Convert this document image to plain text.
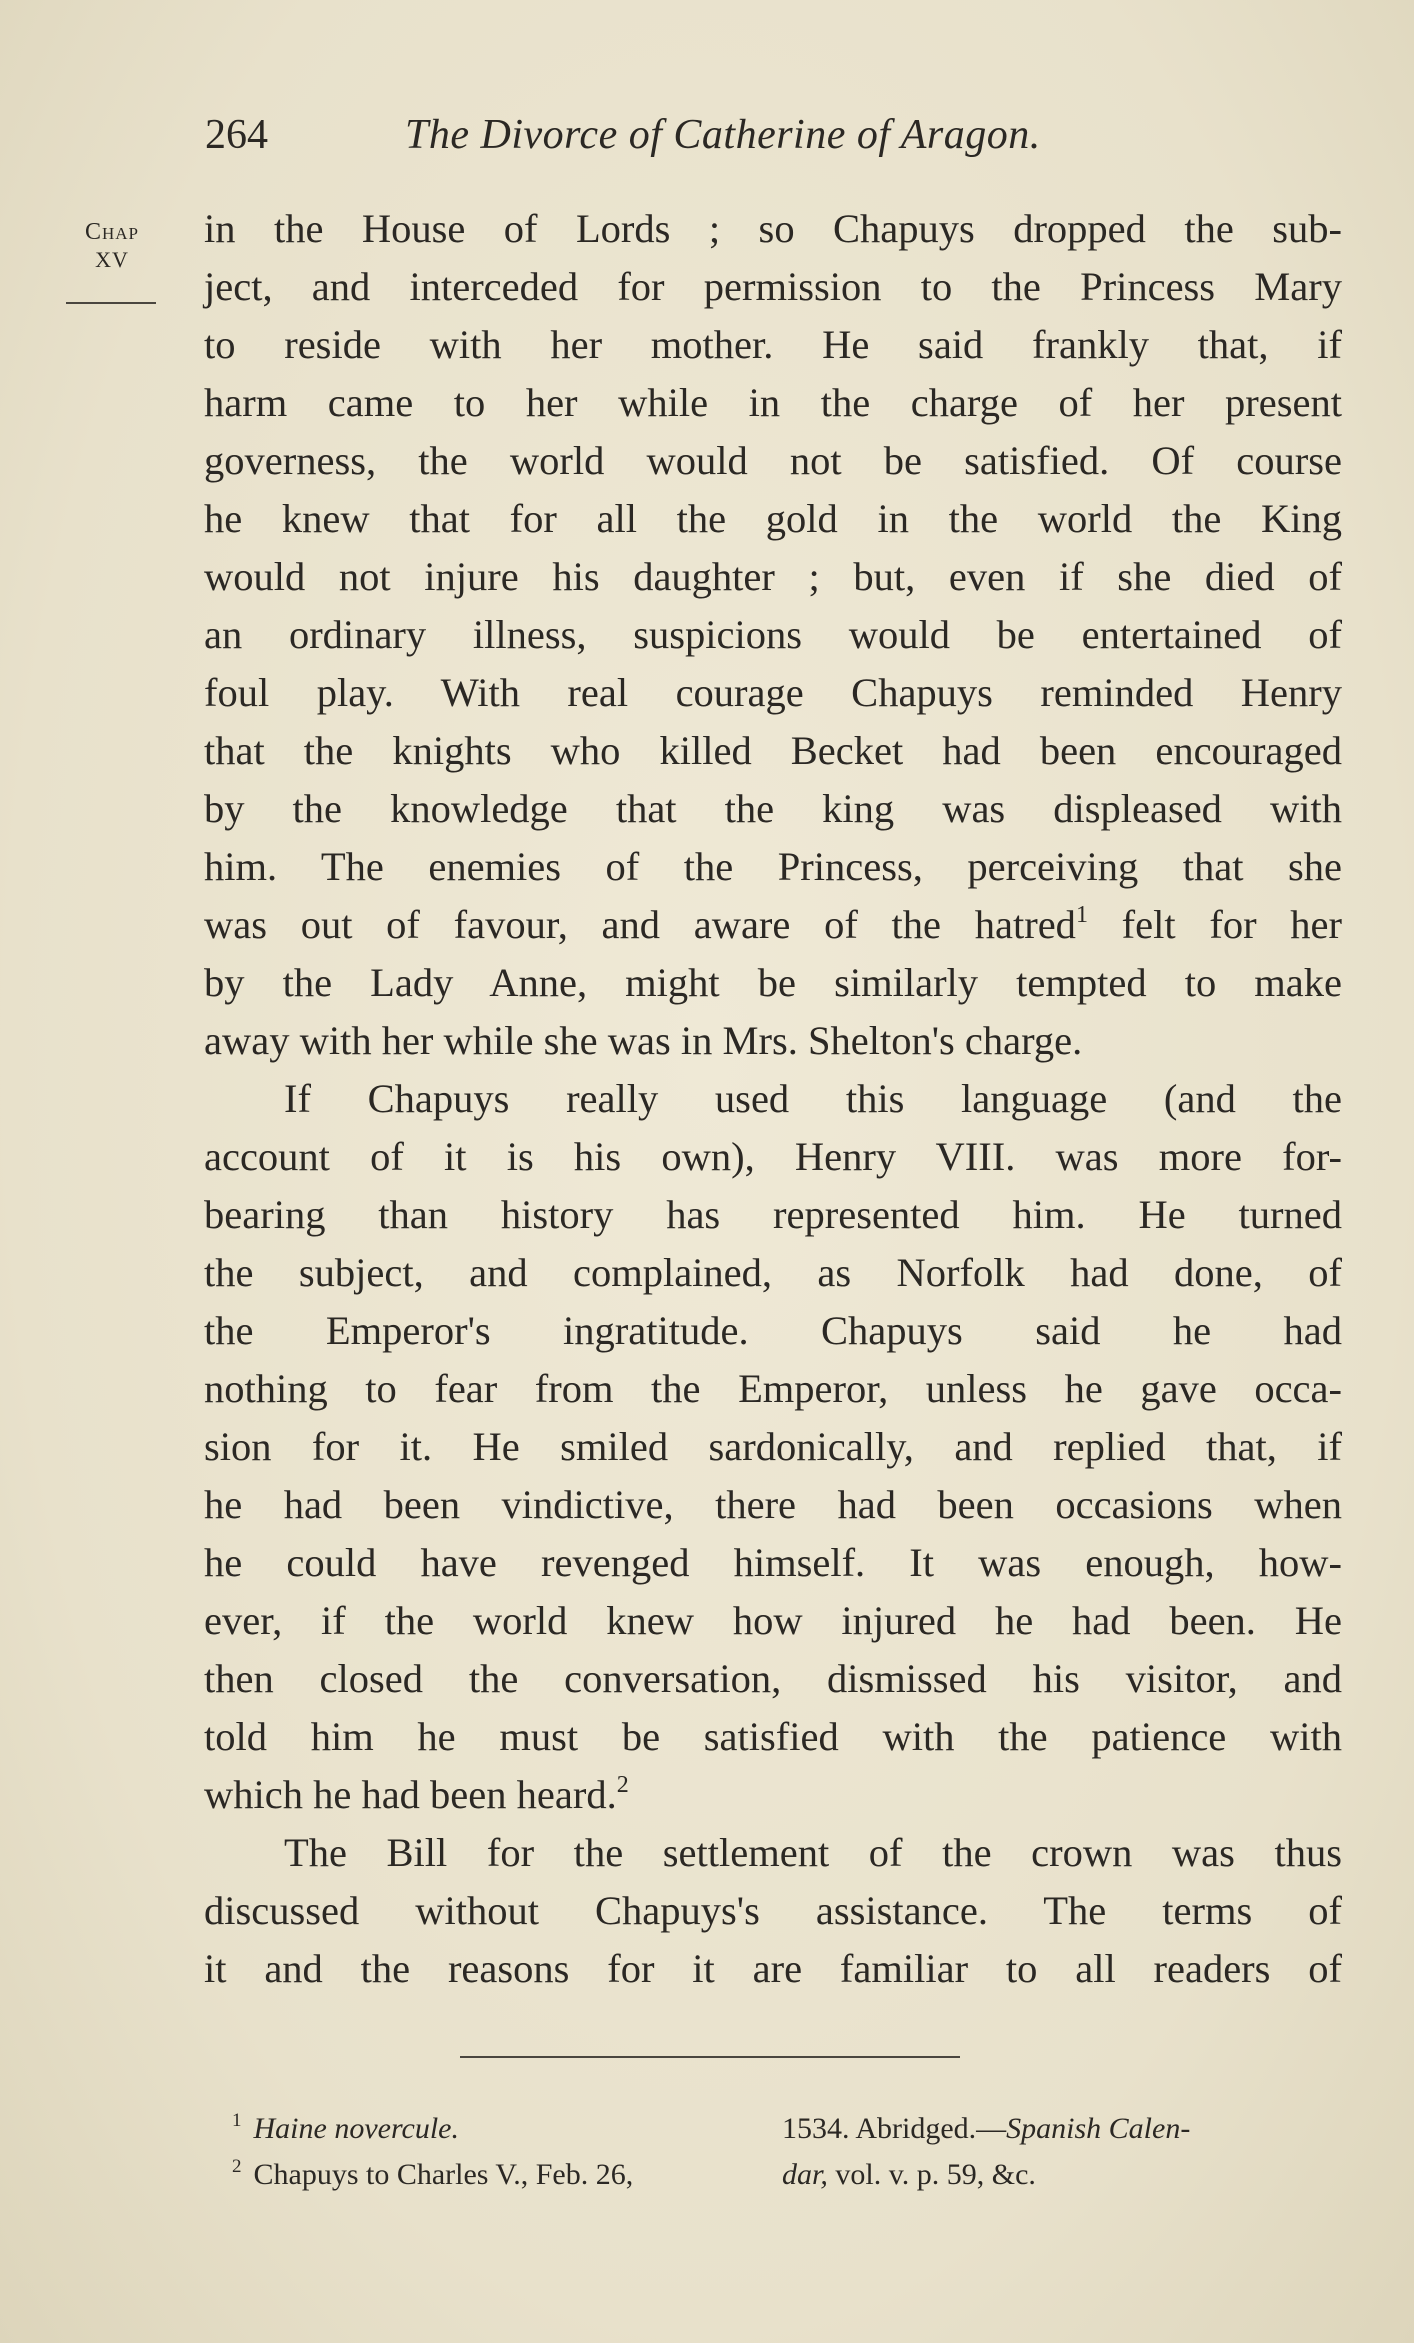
264	The Divorce of Catherine of Aragon.
Chap
XV
in the House of Lords ; so Chapuys dropped the sub-
ject, and interceded for permission to the Princess Mary
to reside with her mother. He said frankly that, if
harm came to her while in the charge of her present
governess, the world would not be satisfied. Of course
he knew that for all the gold in the world the King
would not injure his daughter ; but, even if she died of
an ordinary illness, suspicions would be entertained of
foul play. With real courage Chapuys reminded Henry
that the knights who killed Becket had been encouraged
by the knowledge that the king was displeased with
him. The enemies of the Princess, perceiving that she
was out of favour, and aware of the hatred$^1$ felt for her
by the Lady Anne, might be similarly tempted to make
away with her while she was in Mrs. Shelton's charge.
If Chapuys really used this language (and the
account of it is his own), Henry VIII. was more for-
bearing than history has represented him. He turned
the subject, and complained, as Norfolk had done, of
the Emperor's ingratitude. Chapuys said he had
nothing to fear from the Emperor, unless he gave occa-
sion for it. He smiled sardonically, and replied that, if
he had been vindictive, there had been occasions when
he could have revenged himself. It was enough, how-
ever, if the world knew how injured he had been. He
then closed the conversation, dismissed his visitor, and
told him he must be satisfied with the patience with
which he had been heard.$^2$
The Bill for the settlement of the crown was thus
discussed without Chapuys's assistance. The terms of
it and the reasons for it are familiar to all readers of
$^1$ Haine novercule.	1534. Abridged.—Spanish Calen-
$^2$ Chapuys to Charles V., Feb. 26,	dar, vol. v. p. 59, &c.
